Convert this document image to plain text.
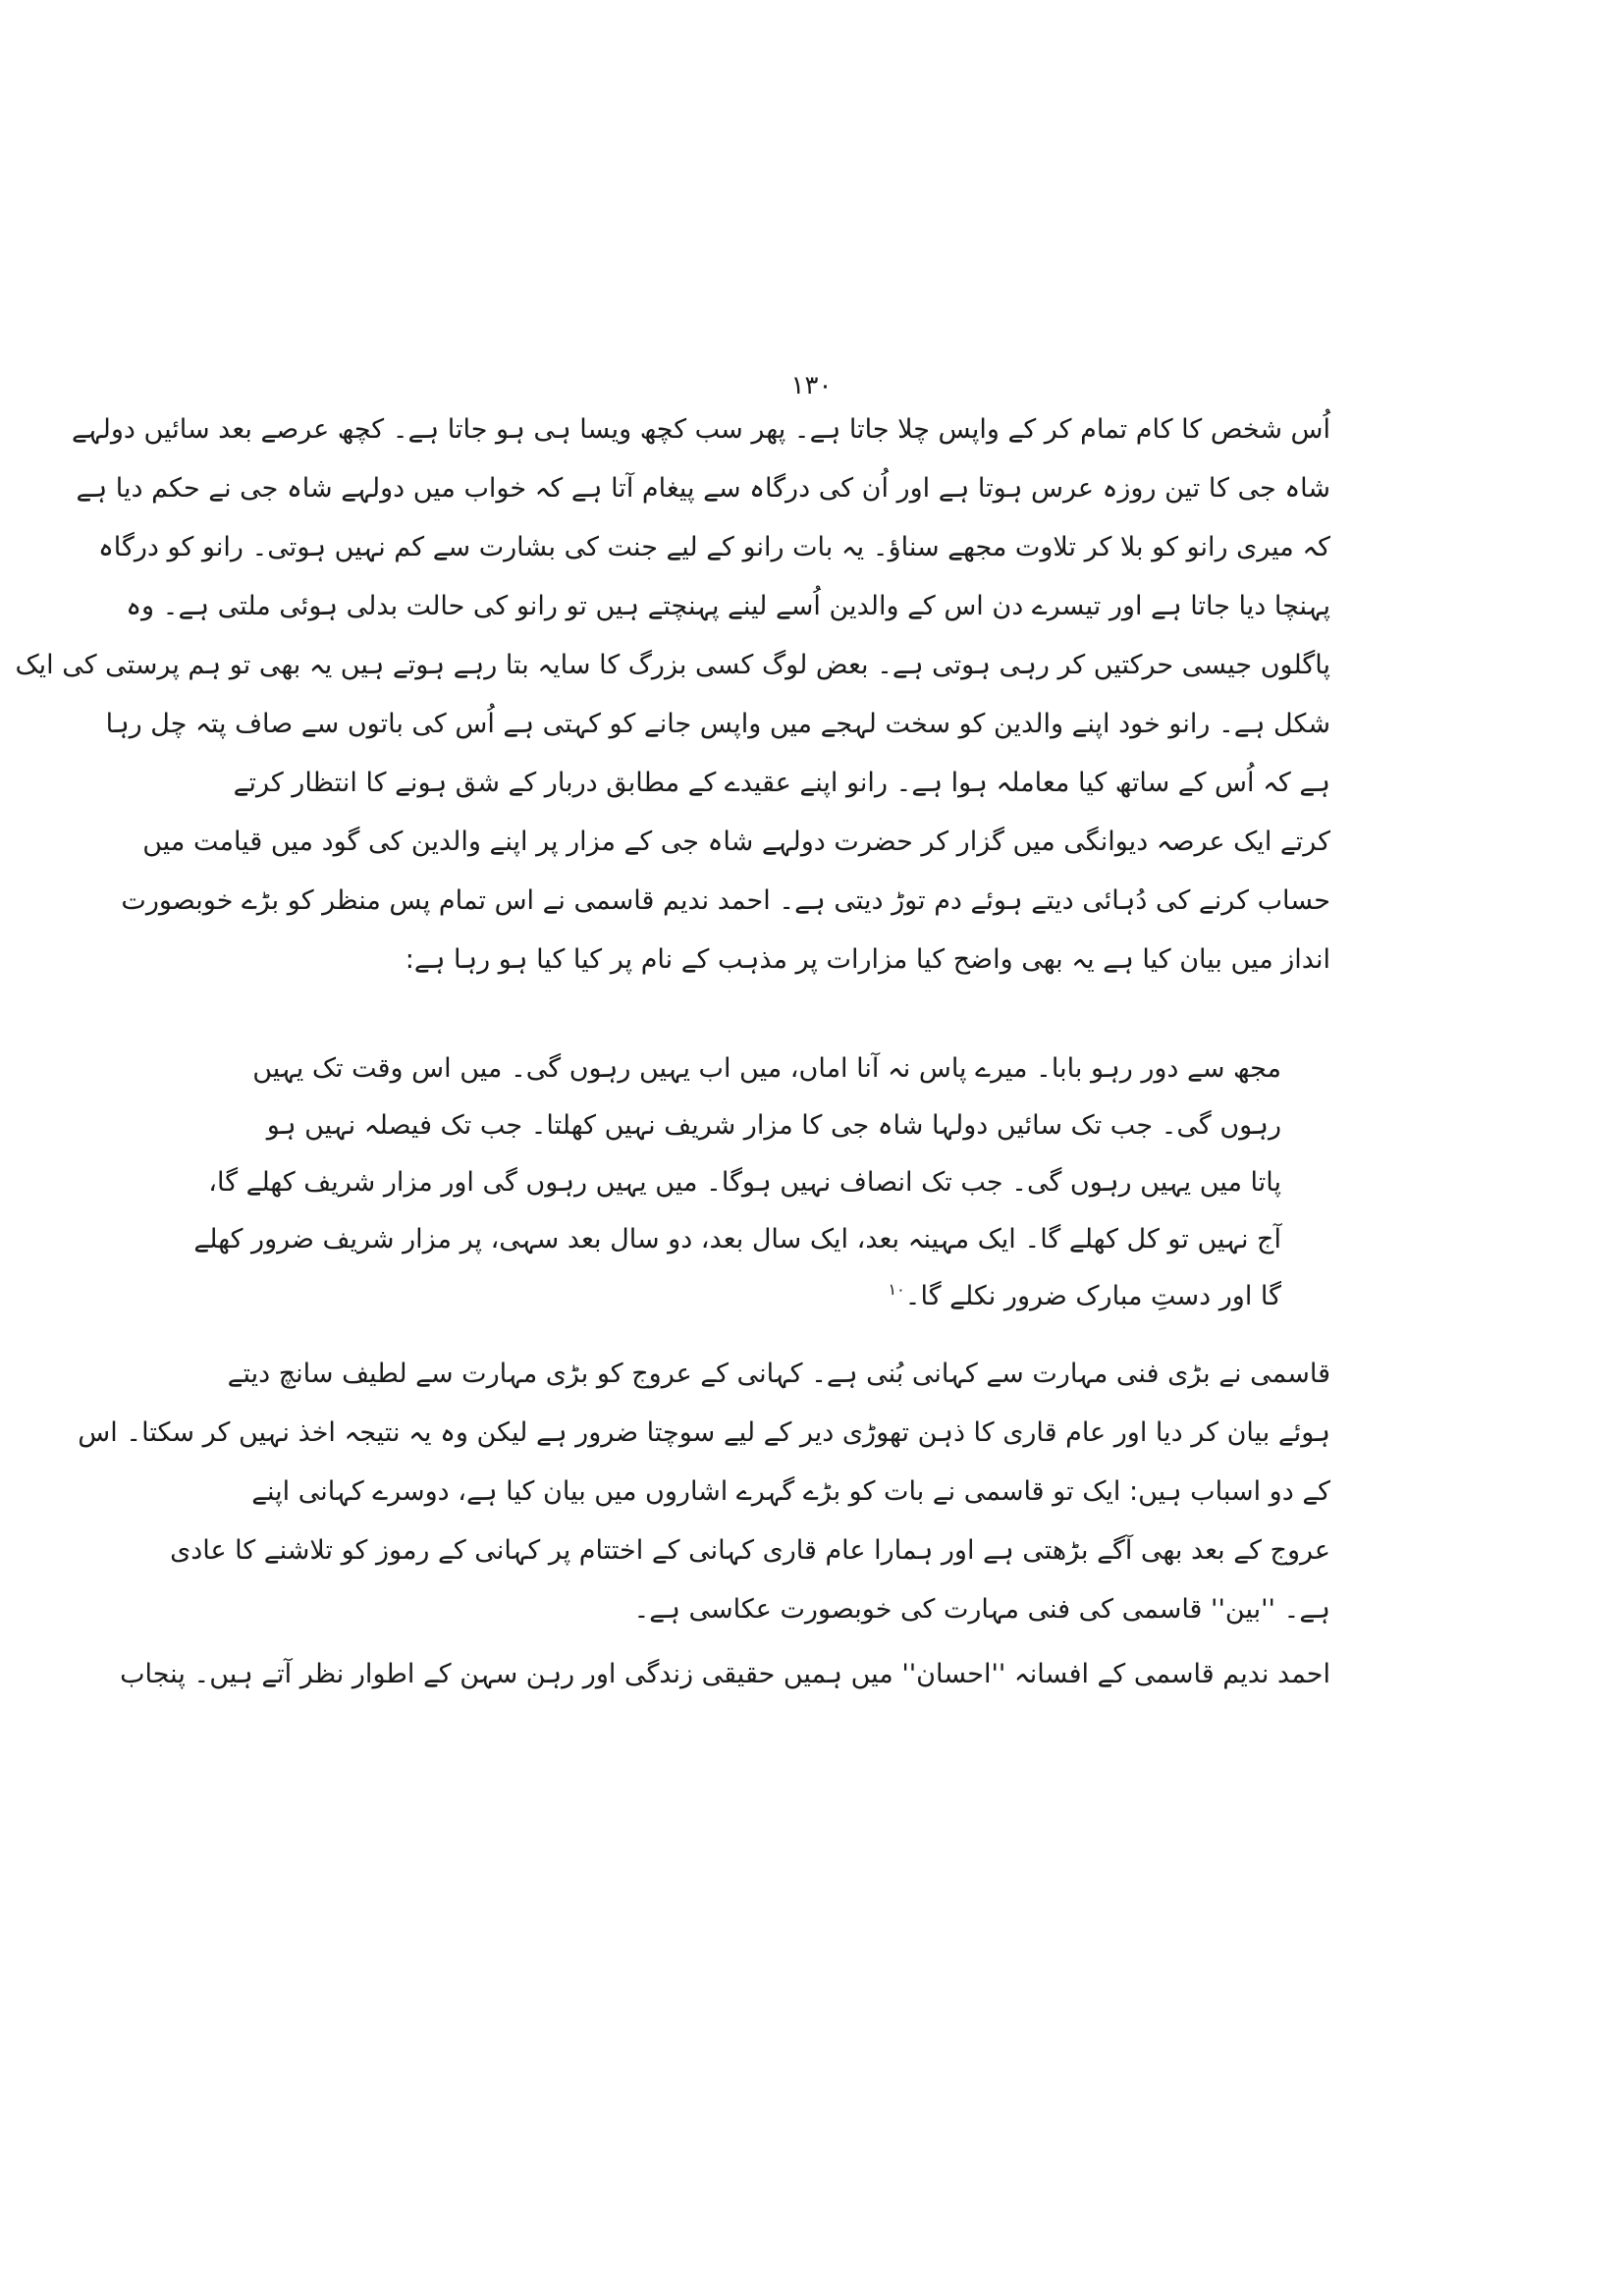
۱۳۰
اُس شخص کا کام تمام کر کے واپس چلا جاتا ہے۔ پھر سب کچھ ویسا ہی ہو جاتا ہے۔ کچھ عرصے بعد سائیں دولہے
شاہ جی کا تین روزہ عرس ہوتا ہے اور اُن کی درگاہ سے پیغام آتا ہے کہ خواب میں دولہے شاہ جی نے حکم دیا ہے
کہ میری رانو کو بلا کر تلاوت مجھے سناؤ۔ یہ بات رانو کے لیے جنت کی بشارت سے کم نہیں ہوتی۔ رانو کو درگاہ
پہنچا دیا جاتا ہے اور تیسرے دن اس کے والدین اُسے لینے پہنچتے ہیں تو رانو کی حالت بدلی ہوئی ملتی ہے۔ وہ
پاگلوں جیسی حرکتیں کر رہی ہوتی ہے۔ بعض لوگ کسی بزرگ کا سایہ بتا رہے ہوتے ہیں یہ بھی تو ہم پرستی کی ایک
شکل ہے۔ رانو خود اپنے والدین کو سخت لہجے میں واپس جانے کو کہتی ہے اُس کی باتوں سے صاف پتہ چل رہا
ہے کہ اُس کے ساتھ کیا معاملہ ہوا ہے۔ رانو اپنے عقیدے کے مطابق دربار کے شق ہونے کا انتظار کرتے
کرتے ایک عرصہ دیوانگی میں گزار کر حضرت دولہے شاہ جی کے مزار پر اپنے والدین کی گود میں قیامت میں
حساب کرنے کی دُہائی دیتے ہوئے دم توڑ دیتی ہے۔ احمد ندیم قاسمی نے اس تمام پس منظر کو بڑے خوبصورت
انداز میں بیان کیا ہے یہ بھی واضح کیا مزارات پر مذہب کے نام پر کیا کیا ہو رہا ہے:
مجھ سے دور رہو بابا۔ میرے پاس نہ آنا اماں، میں اب یہیں رہوں گی۔ میں اس وقت تک یہیں
رہوں گی۔ جب تک سائیں دولہا شاہ جی کا مزار شریف نہیں کھلتا۔ جب تک فیصلہ نہیں ہو
پاتا میں یہیں رہوں گی۔ جب تک انصاف نہیں ہوگا۔ میں یہیں رہوں گی اور مزار شریف کھلے گا،
آج نہیں تو کل کھلے گا۔ ایک مہینہ بعد، ایک سال بعد، دو سال بعد سہی، پر مزار شریف ضرور کھلے
گا اور دستِ مبارک ضرور نکلے گا۔$^{۱۰}$
قاسمی نے بڑی فنی مہارت سے کہانی بُنی ہے۔ کہانی کے عروج کو بڑی مہارت سے لطیف سانچ دیتے
ہوئے بیان کر دیا اور عام قاری کا ذہن تھوڑی دیر کے لیے سوچتا ضرور ہے لیکن وہ یہ نتیجہ اخذ نہیں کر سکتا۔ اس
کے دو اسباب ہیں: ایک تو قاسمی نے بات کو بڑے گہرے اشاروں میں بیان کیا ہے، دوسرے کہانی اپنے
عروج کے بعد بھی آگے بڑھتی ہے اور ہمارا عام قاری کہانی کے اختتام پر کہانی کے رموز کو تلاشنے کا عادی
ہے۔ ''بین'' قاسمی کی فنی مہارت کی خوبصورت عکاسی ہے۔
احمد ندیم قاسمی کے افسانہ ''احسان'' میں ہمیں حقیقی زندگی اور رہن سہن کے اطوار نظر آتے ہیں۔ پنجاب
